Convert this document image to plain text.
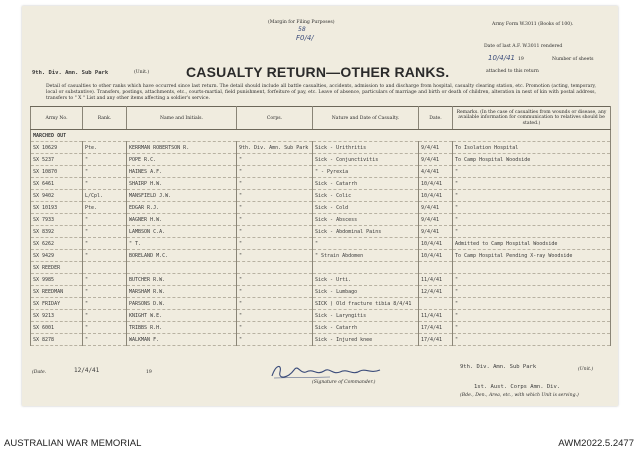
(Margin for Filing Purposes)
58
F0/4/
Army Form W.3011 (Books of 100).
Date of last A.F. W.3011 rendered
10/4/41 19	Number of sheets
attached to this return
9th. Div. Amn. Sub Park	(Unit.)	CASUALTY RETURN—OTHER RANKS.
Detail of casualties to other ranks which have occurred since last return. The detail should include all battle casualties, accidents, admission to and discharge from hospital, casualty clearing station, etc. Promotion (acting, temporary, local or substantive). Transfers, postings, attachments, etc., courts-martial, field punishment, forfeiture of pay, etc. Leave of absence, particulars of marriage and birth or death of children, alteration in next of kin with postal address, transfers to " X " List and any other items affecting a soldier's service.
Army No.	Rank.	Name and Initials.	Corps.	Nature and Date of Casualty.	Date.	Remarks. (In the case of casualties from wounds or disease, any available information for communication to relatives should be stated.)
MARCHED OUT						
SX 10629	Pte.	KERRMAN ROBERTSON R.	9th. Div. Amn. Sub Park	Sick - Urithritis	9/4/41	To Isolation Hospital
SX 5237	"	POPE R.C.	"	Sick - Conjunctivitis	9/4/41	To Camp Hospital Woodside
SX 10870	"	HAINES A.F.	"	" - Pyrexia	4/4/41	"
SX 6461	"	SHAIRP H.W.	"	Sick - Catarrh	10/4/41	"
SX 9402	L/Cpl.	MANSFIELD J.W.	"	Sick - Colic	10/4/41	"
SX 10193	Pte.	EDGAR R.J.	"	Sick - Cold	9/4/41	"
SX 7933	"	WAGNER H.W.	"	Sick - Abscess	9/4/41	"
SX 8392	"	LAMBSON C.A.	"	Sick - Abdominal Pains	9/4/41	"
SX 6262	"	" T.	"	"	10/4/41	Admitted to Camp Hospital Woodside
SX 9429	"	BORELAND M.C.	"	" Strain Abdomen	10/4/41	To Camp Hospital Pending X-ray Woodside
SX REEDER						
SX 9985	"	BUTCHER R.W.	"	Sick - Urti.	11/4/41	"
SX REEDMAN	"	MARSHAM R.W.	"	Sick - Lumbago	12/4/41	"
SX FRIDAY	"	PARSONS D.W.	"	SICK ) Old fracture tibia 8/4/41		"
SX 9213	"	KNIGHT W.E.	"	Sick - Laryngitis	11/4/41	"
SX 6001	"	TRIBBS R.H.	"	Sick - Catarrh	17/4/41	"
SX 8278	"	WALKMAN F.	"	Sick - Injured knee	17/4/41	"
(Date.	12/4/41	19
(Signature of Commander.)
9th. Div. Amn. Sub Park	(Unit.)
1st. Aust. Corps Amn. Div.
(Bde., Den., Area, etc., with which Unit is serving.)
AUSTRALIAN WAR MEMORIAL	AWM2022.5.2477
